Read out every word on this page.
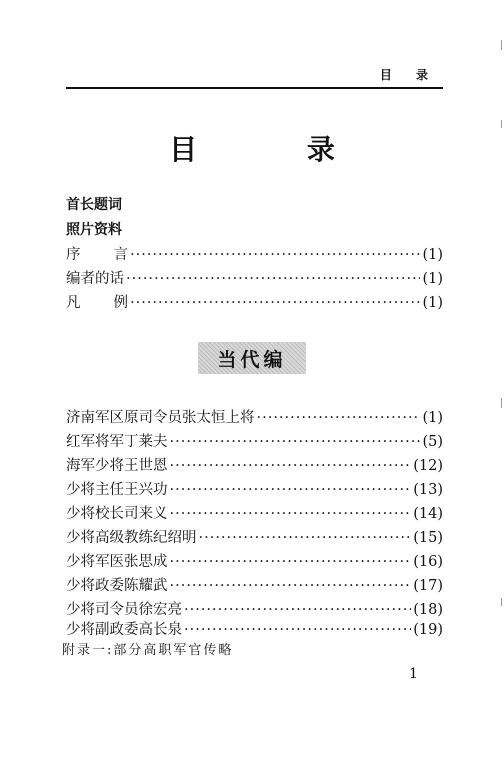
目 录
目 录
首长题词
照片资料
序 言 ·····	(1)
编者的话 ·····	(1)
凡 例 ·····	(1)
当代编
济南军区原司令员张太恒上将 ·····	(1)
红军将军丁莱夫 ·····	(5)
海军少将王世恩 ·····	(12)
少将主任王兴功 ·····	(13)
少将校长司来义 ·····	(14)
少将高级教练纪绍明 ·····	(15)
少将军医张思成 ·····	(16)
少将政委陈耀武 ·····	(17)
少将司令员徐宏亮 ·····	(18)
少将副政委高长泉 ·····	(19)
附录一:部分高职军官传略
1
